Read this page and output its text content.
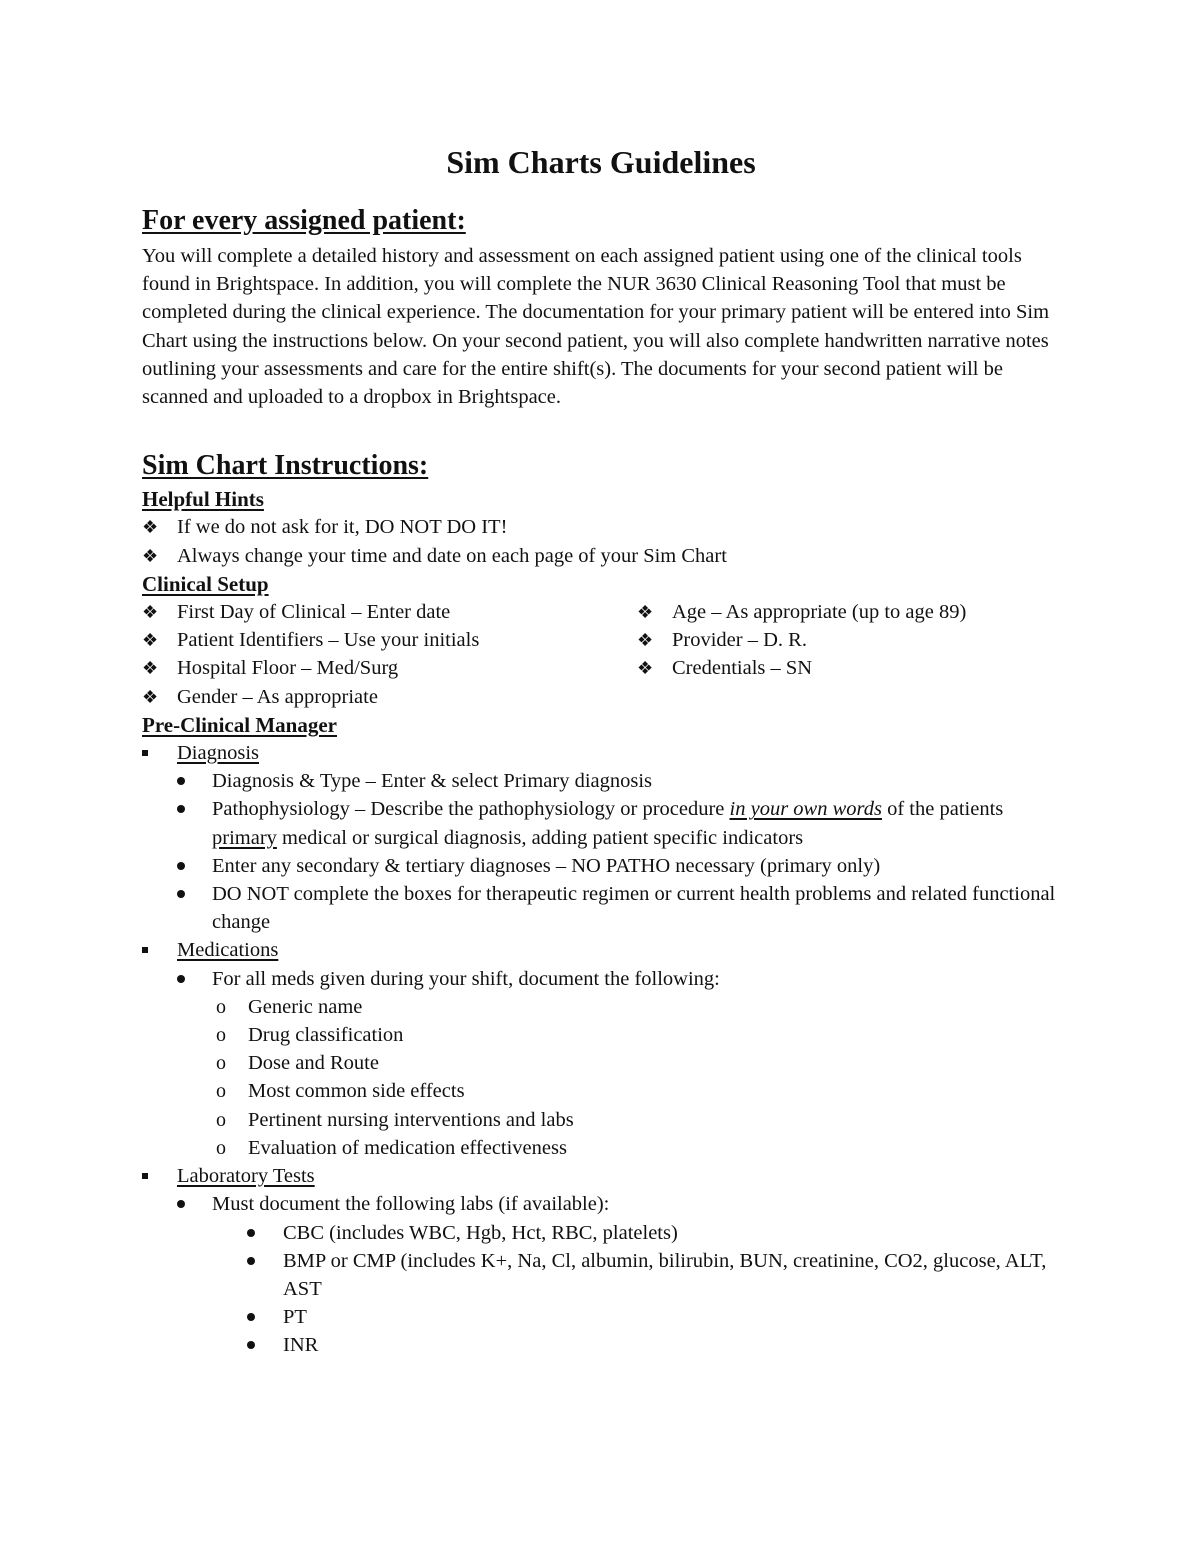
Sim Charts Guidelines
For every assigned patient:
You will complete a detailed history and assessment on each assigned patient using one of the clinical tools found in Brightspace. In addition, you will complete the NUR 3630 Clinical Reasoning Tool that must be completed during the clinical experience. The documentation for your primary patient will be entered into Sim Chart using the instructions below. On your second patient, you will also complete handwritten narrative notes outlining your assessments and care for the entire shift(s). The documents for your second patient will be scanned and uploaded to a dropbox in Brightspace.
Sim Chart Instructions:
Helpful Hints
❖ If we do not ask for it, DO NOT DO IT!
❖ Always change your time and date on each page of your Sim Chart
Clinical Setup
❖ First Day of Clinical – Enter date
❖ Patient Identifiers – Use your initials
❖ Hospital Floor – Med/Surg
❖ Gender – As appropriate
❖ Age – As appropriate (up to age 89)
❖ Provider – D. R.
❖ Credentials – SN
Pre-Clinical Manager
Diagnosis
Diagnosis & Type – Enter & select Primary diagnosis
Pathophysiology – Describe the pathophysiology or procedure in your own words of the patients primary medical or surgical diagnosis, adding patient specific indicators
Enter any secondary & tertiary diagnoses – NO PATHO necessary (primary only)
DO NOT complete the boxes for therapeutic regimen or current health problems and related functional change
Medications
For all meds given during your shift, document the following:
o Generic name
o Drug classification
o Dose and Route
o Most common side effects
o Pertinent nursing interventions and labs
o Evaluation of medication effectiveness
Laboratory Tests
Must document the following labs (if available):
CBC (includes WBC, Hgb, Hct, RBC, platelets)
BMP or CMP (includes K+, Na, Cl, albumin, bilirubin, BUN, creatinine, CO2, glucose, ALT, AST
PT
INR
